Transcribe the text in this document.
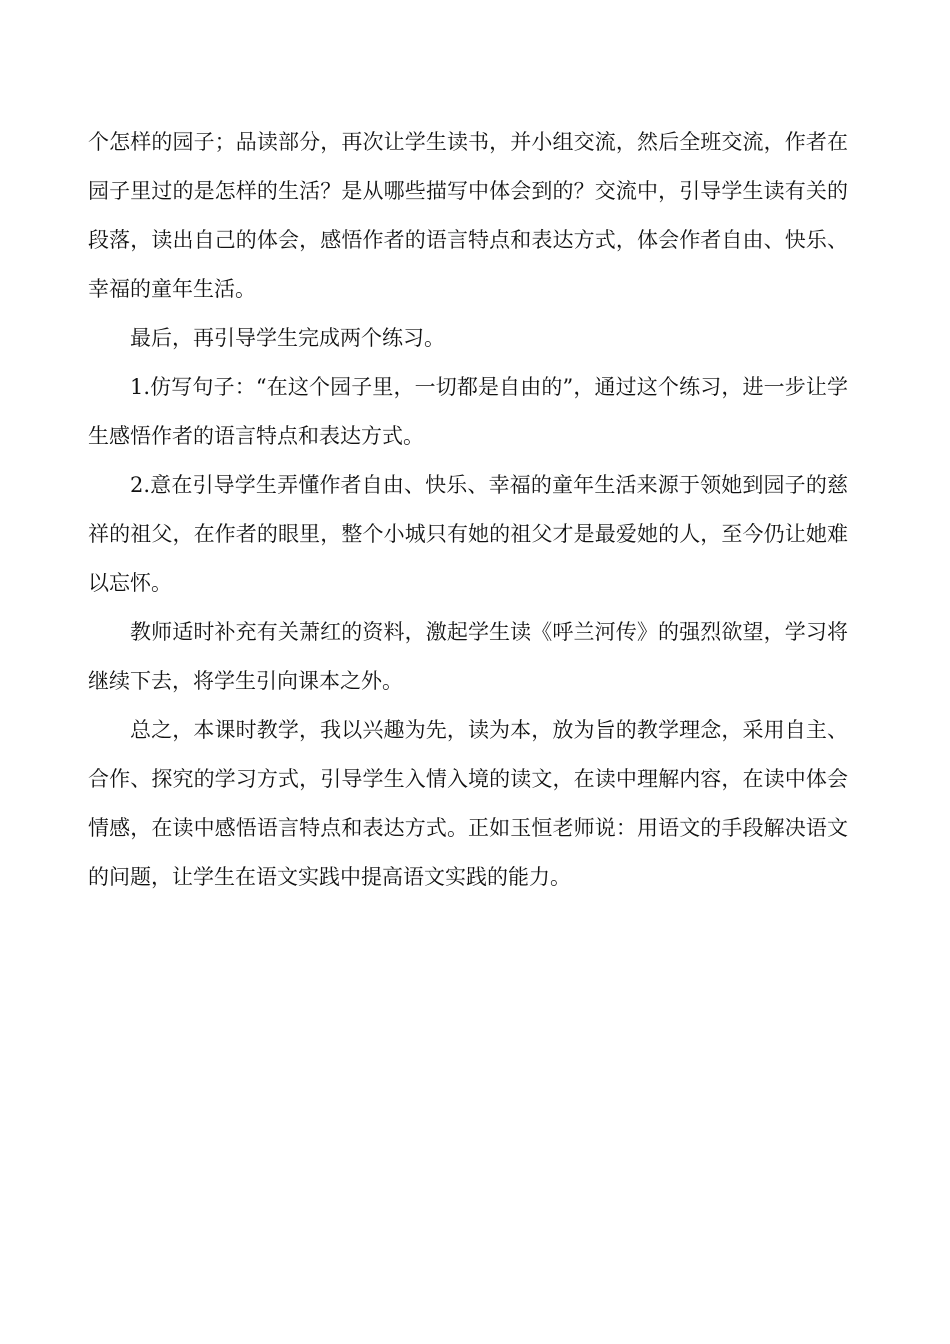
个怎样的园子；品读部分，再次让学生读书，并小组交流，然后全班交流，作者在园子里过的是怎样的生活？是从哪些描写中体会到的？交流中，引导学生读有关的段落，读出自己的体会，感悟作者的语言特点和表达方式，体会作者自由、快乐、幸福的童年生活。

最后，再引导学生完成两个练习。

1.仿写句子：“在这个园子里，一切都是自由的”，通过这个练习，进一步让学生感悟作者的语言特点和表达方式。

2.意在引导学生弄懂作者自由、快乐、幸福的童年生活来源于领她到园子的慈祥的祖父，在作者的眼里，整个小城只有她的祖父才是最爱她的人，至今仍让她难以忘怀。

教师适时补充有关萧红的资料，激起学生读《呼兰河传》的强烈欲望，学习将继续下去，将学生引向课本之外。

总之，本课时教学，我以兴趣为先，读为本，放为旨的教学理念，采用自主、合作、探究的学习方式，引导学生入情入境的读文，在读中理解内容，在读中体会情感，在读中感悟语言特点和表达方式。正如玉恒老师说：用语文的手段解决语文的问题，让学生在语文实践中提高语文实践的能力。
